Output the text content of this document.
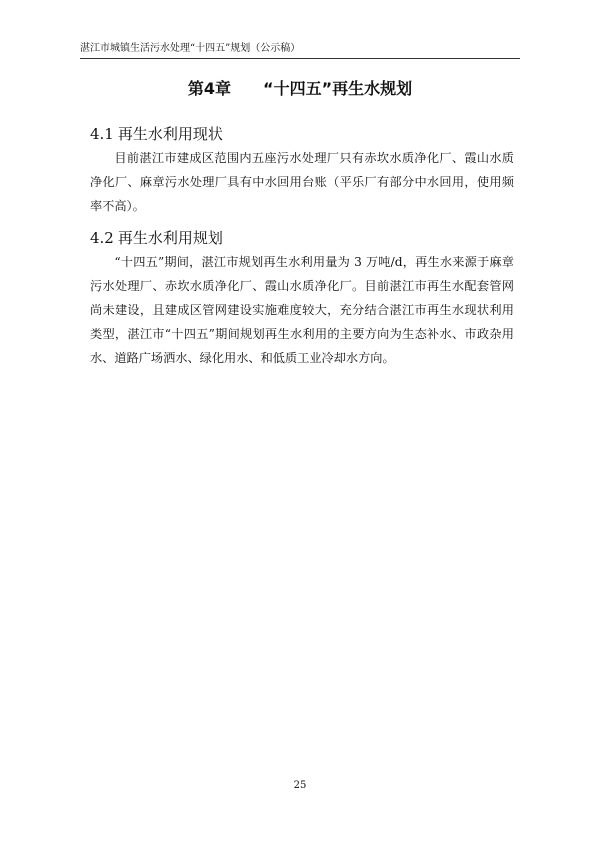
湛江市城镇生活污水处理“十四五”规划（公示稿）
第4章 “十四五”再生水规划
4.1 再生水利用现状

目前湛江市建成区范围内五座污水处理厂只有赤坎水质净化厂、霞山水质净化厂、麻章污水处理厂具有中水回用台账（平乐厂有部分中水回用，使用频率不高）。

4.2 再生水利用规划

“十四五”期间，湛江市规划再生水利用量为 3 万吨/d，再生水来源于麻章污水处理厂、赤坎水质净化厂、霞山水质净化厂。目前湛江市再生水配套管网尚未建设，且建成区管网建设实施难度较大，充分结合湛江市再生水现状利用类型，湛江市“十四五”期间规划再生水利用的主要方向为生态补水、市政杂用水、道路广场洒水、绿化用水、和低质工业冷却水方向。

25
